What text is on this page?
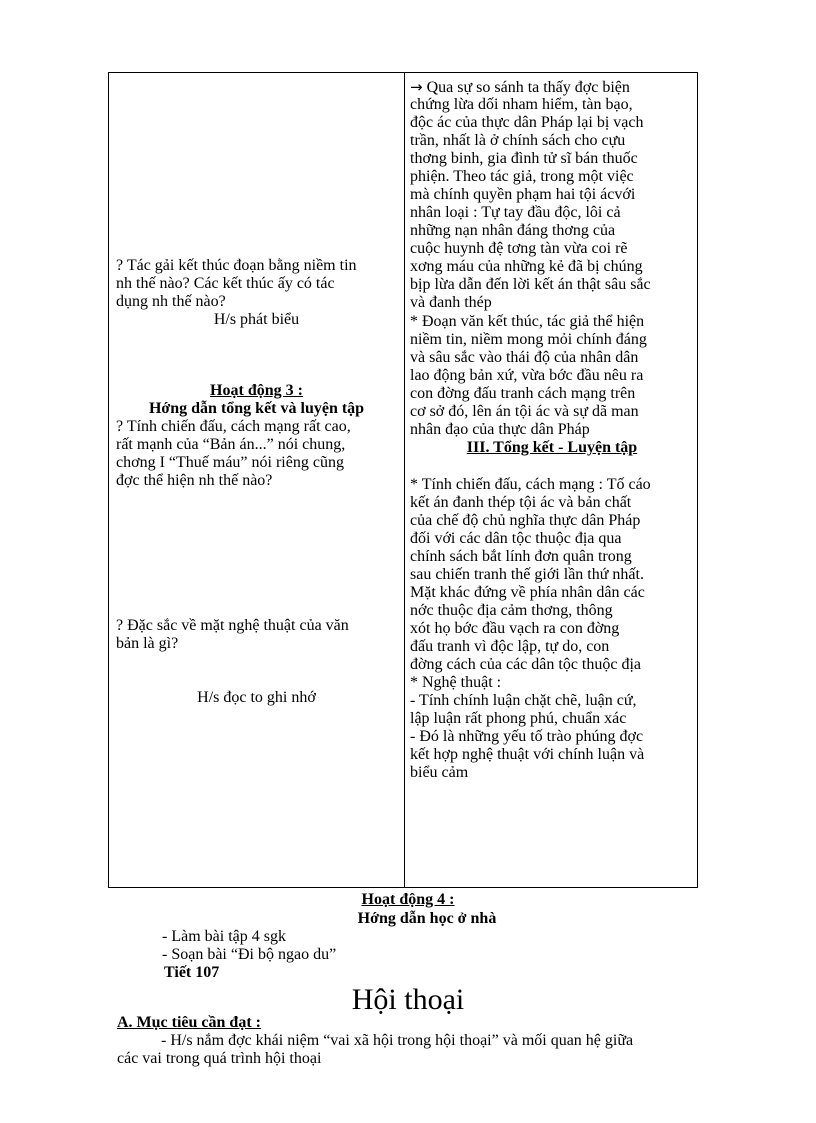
? Tác gải kết thúc đoạn bằng niềm tin
nh thế nào? Các kết thúc ấy có tác
dụng nh thế nào?
H/s phát biểu
Hoạt động 3 :
Hớng dẫn tổng kết và luyện tập
? Tính chiến đấu, cách mạng rất cao,
rất mạnh của “Bản án...” nói chung,
chơng I “Thuế máu” nói riêng cũng
đợc thể hiện nh thế nào?
? Đặc sắc về mặt nghệ thuật của văn
bản là gì?
H/s đọc to ghi nhớ
→ Qua sự so sánh ta thấy đợc biện
chứng lừa dối nham hiểm, tàn bạo,
độc ác của thực dân Pháp lại bị vạch
trần, nhất là ở chính sách cho cựu
thơng binh, gia đình tử sĩ bán thuốc
phiện. Theo tác giả, trong một việc
mà chính quyền phạm hai tội ácvới
nhân loại : Tự tay đầu độc, lôi cả
những nạn nhân đáng thơng của
cuộc huynh đệ tơng tàn vừa coi rẽ
xơng máu của những kẻ đã bị chúng
bịp lừa dẫn đến lời kết án thật sâu sắc
và đanh thép
* Đoạn văn kết thúc, tác giả thể hiện
niềm tin, niềm mong mỏi chính đáng
và sâu sắc vào thái độ của nhân dân
lao động bản xứ, vừa bớc đầu nêu ra
con đờng đấu tranh cách mạng trên
cơ sở đó, lên án tội ác và sự dã man
nhân đạo của thực dân Pháp
III. Tổng kết - Luyện tập
* Tính chiến đấu, cách mạng : Tố cáo
kết án đanh thép tội ác và bản chất
của chế độ chủ nghĩa thực dân Pháp
đối với các dân tộc thuộc địa qua
chính sách bắt lính đơn quân trong
sau chiến tranh thế giới lần thứ nhất.
Mặt khác đứng về phía nhân dân các
nớc thuộc địa cảm thơng, thông
xót họ bớc đầu vạch ra con đờng
đấu tranh vì độc lập, tự do, con
đờng cách của các dân tộc thuộc địa
* Nghệ thuật :
- Tính chính luận chặt chẽ, luận cứ,
lập luận rất phong phú, chuẩn xác
- Đó là những yếu tố trào phúng đợc
kết hợp nghệ thuật với chính luận và
biểu cảm
Hoạt động 4 :
Hớng dẫn học ở nhà
- Làm bài tập 4 sgk
- Soạn bài “Đi bộ ngao du”
Tiết 107
Hội thoại
A. Mục tiêu cần đạt :
- H/s nắm đợc khái niệm “vai xã hội trong hội thoại” và mối quan hệ giữa
các vai trong quá trình hội thoại
